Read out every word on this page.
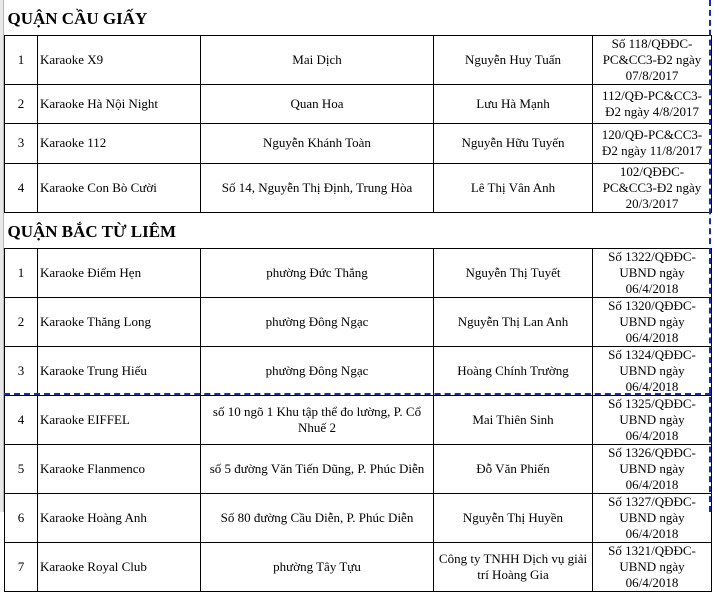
QUẬN CẦU GIẤY				
1	Karaoke X9	Mai Dịch	Nguyễn Huy Tuấn	Số 118/QĐĐC-PC&CC3-Đ2 ngày 07/8/2017
2	Karaoke Hà Nội Night	Quan Hoa	Lưu Hà Mạnh	112/QĐ-PC&CC3-Đ2 ngày 4/8/2017
3	Karaoke 112	Nguyễn Khánh Toàn	Nguyễn Hữu Tuyến	120/QĐ-PC&CC3-Đ2 ngày 11/8/2017
4	Karaoke Con Bò Cười	Số 14, Nguyễn Thị Định, Trung Hòa	Lê Thị Vân Anh	102/QĐĐC-PC&CC3-Đ2 ngày 20/3/2017
QUẬN BẮC TỪ LIÊM				
1	Karaoke Điểm Hẹn	phường Đức Thắng	Nguyễn Thị Tuyết	Số 1322/QĐĐC-UBND ngày 06/4/2018
2	Karaoke Thăng Long	phường Đông Ngạc	Nguyễn Thị Lan Anh	Số 1320/QĐĐC-UBND ngày 06/4/2018
3	Karaoke Trung Hiếu	phường Đông Ngạc	Hoàng Chính Trường	Số 1324/QĐĐC-UBND ngày 06/4/2018
4	Karaoke EIFFEL	số 10 ngõ 1 Khu tập thể đo lường, P. Cổ Nhuế 2	Mai Thiên Sinh	Số 1325/QĐĐC-UBND ngày 06/4/2018
5	Karaoke Flanmenco	số 5 đường Văn Tiến Dũng, P. Phúc Diễn	Đỗ Văn Phiến	Số 1326/QĐĐC-UBND ngày 06/4/2018
6	Karaoke Hoàng Anh	Số 80 đường Cầu Diễn, P. Phúc Diễn	Nguyễn Thị Huyền	Số 1327/QĐĐC-UBND ngày 06/4/2018
7	Karaoke Royal Club	phường Tây Tựu	Công ty TNHH Dịch vụ giải trí Hoàng Gia	Số 1321/QĐĐC-UBND ngày 06/4/2018
